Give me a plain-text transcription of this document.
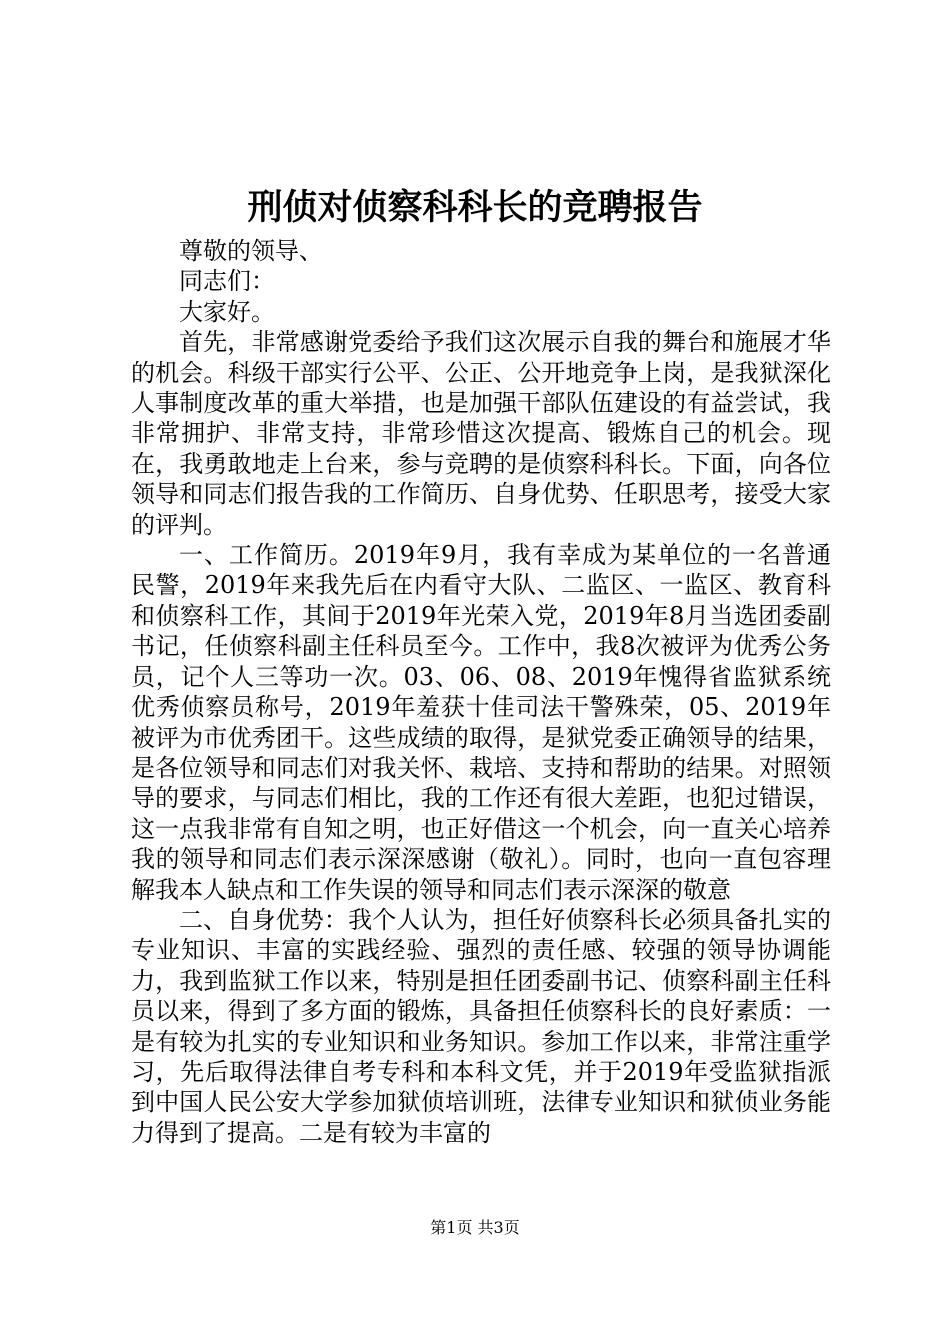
刑侦对侦察科科长的竞聘报告

尊敬的领导、

同志们：

大家好。

首先，非常感谢党委给予我们这次展示自我的舞台和施展才华的机会。科级干部实行公平、公正、公开地竞争上岗，是我狱深化人事制度改革的重大举措，也是加强干部队伍建设的有益尝试，我非常拥护、非常支持，非常珍惜这次提高、锻炼自己的机会。现在，我勇敢地走上台来，参与竞聘的是侦察科科长。下面，向各位领导和同志们报告我的工作简历、自身优势、任职思考，接受大家的评判。

一、工作简历。2019年9月，我有幸成为某单位的一名普通民警，2019年来我先后在内看守大队、二监区、一监区、教育科和侦察科工作，其间于2019年光荣入党，2019年8月当选团委副书记，任侦察科副主任科员至今。工作中，我8次被评为优秀公务员，记个人三等功一次。03、06、08、2019年愧得省监狱系统优秀侦察员称号，2019年羞获十佳司法干警殊荣，05、2019年被评为市优秀团干。这些成绩的取得，是狱党委正确领导的结果，是各位领导和同志们对我关怀、栽培、支持和帮助的结果。对照领导的要求，与同志们相比，我的工作还有很大差距，也犯过错误，这一点我非常有自知之明，也正好借这一个机会，向一直关心培养我的领导和同志们表示深深感谢（敬礼）。同时，也向一直包容理解我本人缺点和工作失误的领导和同志们表示深深的敬意

二、自身优势：我个人认为，担任好侦察科长必须具备扎实的专业知识、丰富的实践经验、强烈的责任感、较强的领导协调能力，我到监狱工作以来，特别是担任团委副书记、侦察科副主任科员以来，得到了多方面的锻炼，具备担任侦察科长的良好素质：一是有较为扎实的专业知识和业务知识。参加工作以来，非常注重学习，先后取得法律自考专科和本科文凭，并于2019年受监狱指派到中国人民公安大学参加狱侦培训班，法律专业知识和狱侦业务能力得到了提高。二是有较为丰富的

第1页 共3页
